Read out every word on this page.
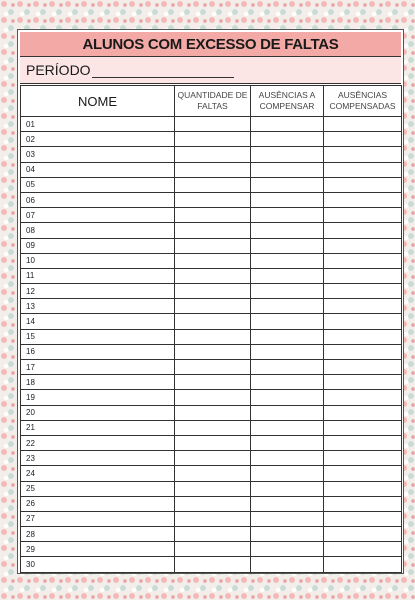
ALUNOS COM EXCESSO DE FALTAS
PERÍODO
NOME	QUANTIDADE DE FALTAS	AUSÊNCIAS A COMPENSAR	AUSÊNCIAS COMPENSADAS
01			
02			
03			
04			
05			
06			
07			
08			
09			
10			
11			
12			
13			
14			
15			
16			
17			
18			
19			
20			
21			
22			
23			
24			
25			
26			
27			
28			
29			
30			
